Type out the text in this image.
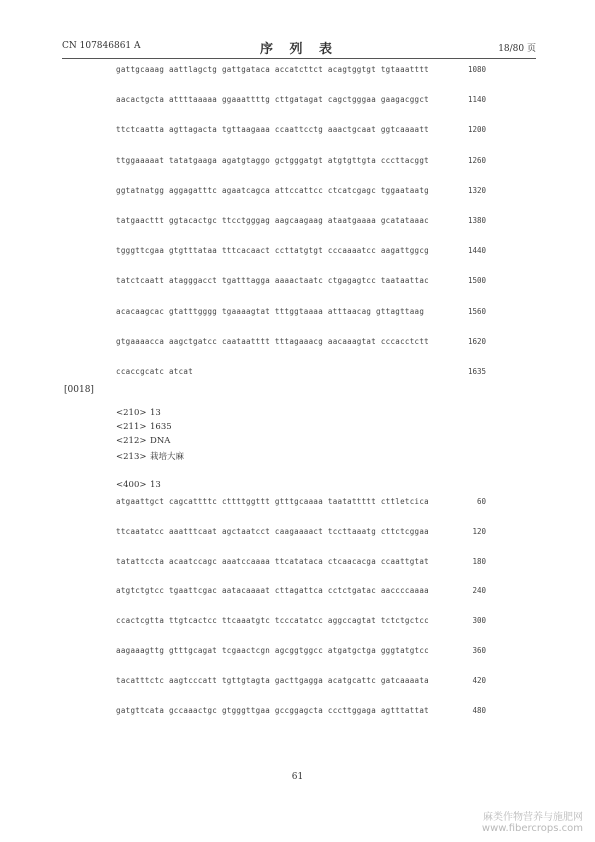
CN 107846861 A	序 列 表	18/80 页
gattgcaaag aattlagctg gattgataca accatcttct acagtggtgt tgtaaatttt	1080
aacactgcta attttaaaaa ggaaattttg cttgatagat cagctgggaa gaagacggct	1140
ttctcaatta agttagacta tgttaagaaa ccaattcctg aaactgcaat ggtcaaaatt	1200
ttggaaaaat tatatgaaga agatgtaggo gctgggatgt atgtgttgta cccttacggt	1260
ggtatnatgg aggagatttc agaatcagca attccattcc ctcatcgagc tggaataatg	1320
tatgaacttt ggtacactgc ttcctgggag aagcaagaag ataatgaaaa gcatataaac	1380
tgggttcgaa gtgtttataa tttcacaact ccttatgtgt cccaaaatcc aagattggcg	1440
tatctcaatt atagggacct tgatttagga aaaactaatc ctgagagtcc taataattac	1500
acacaagcac gtatttgggg tgaaaagtat tttggtaaaa atttaacag gttagttaag	1560
gtgaaaacca aagctgatcc caataatttt tttagaaacg aacaaagtat cccacctctt	1620
ccaccgcatc atcat	1635
[0018]
<210> 13
<211> 1635
<212> DNA
<213> 栽培大麻
<400> 13
atgaattgct cagcattttc cttttggttt gtttgcaaaa taatattttt cttletcica	60
ttcaatatcc aaatttcaat agctaatcct caagaaaact tccttaaatg cttctcggaa	120
tatattccta acaatccagc aaatccaaaa ttcatataca ctcaacacga ccaattgtat	180
atgtctgtcc tgaattcgac aatacaaaat cttagattca cctctgatac aaccccaaaa	240
ccactcgtta ttgtcactcc ttcaaatgtc tcccatatcc aggccagtat tctctgctcc	300
aagaaagttg gtttgcagat tcgaactcgn agcggtggcc atgatgctga gggtatgtcc	360
tacatttctc aagtcccatt tgttgtagta gacttgagga acatgcattc gatcaaaata	420
gatgttcata gccaaactgc gtgggttgaa gccggagcta cccttggaga agtttattat	480
61
麻类作物营养与施肥网
www.fibercrops.com
